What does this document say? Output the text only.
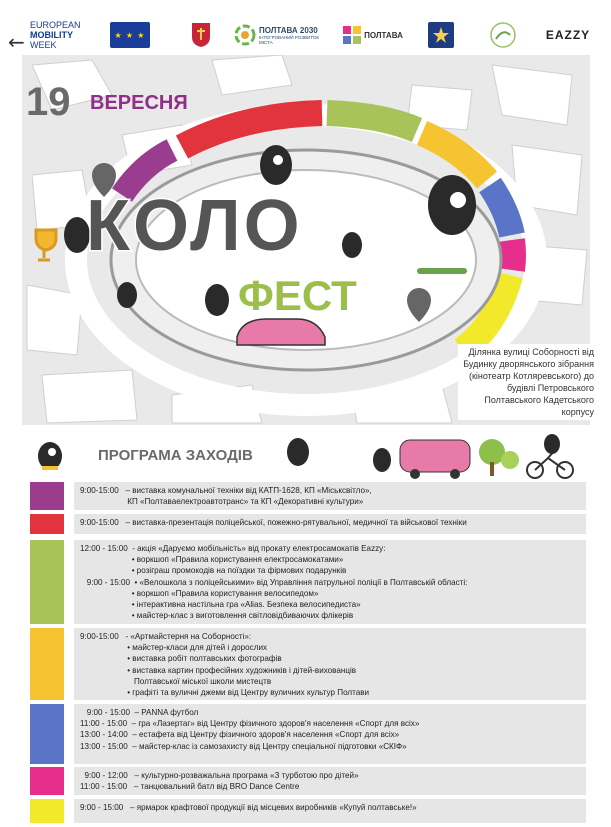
←
EUROPEAN
MOBILITY
WEEK
★ ★ ★
ПОЛТАВА 2030
ІНТЕГРОВАНИЙ РОЗВИТОК МІСТА
ПОЛТАВА	EAZZY
19 ВЕРЕСНЯ
КОЛО
ФЕСТ
Ділянка вулиці Соборності від Будинку дворянського зібрання (кінотеатр Котляревського) до будівлі Петровського Полтавського Кадетського корпусу
ПРОГРАМА ЗАХОДІВ
9:00-15:00   – виставка комунальної техніки від КАТП-1628, КП «Міськсвітло»,
КП «Полтаваелектроавтотранс» та КП «Декоративні культури»
9:00-15:00   – виставка-презентація поліцейської, пожежно-рятувальної, медичної та військової техніки
12:00 - 15:00  - акція «Даруємо мобільність» від прокату електросамокатів Eazzy:
• воркшоп «Правила користування електросамокатами»
• розіграш промокодів на поїздки та фірмових подарунків
9:00 - 15:00  • «Велошкола з поліцейськими» від Управління патрульної поліції в Полтавській області:
• воркшоп «Правила користування велосипедом»
• інтерактивна настільна гра «Alias. Безпека велосипедиста»
• майстер-клас з виготовлення світловідбиваючих флікерів
9:00-15:00   - «Артмайстерня на Соборності»:
• майстер-класи для дітей і дорослих
• виставка робіт полтавських фотографів
• виставка картин професійних художників і дітей-вихованців
Полтавської міської школи мистецтв
• графіті та вуличні джеми від Центру вуличних культур Полтави
9:00 - 15:00  – PANNA футбол
11:00 - 15:00  – гра «Лазертаг» від Центру фізичного здоров'я населення «Спорт для всіх»
13:00 - 14:00  – естафета від Центру фізичного здоров'я населення «Спорт для всіх»
13:00 - 15:00  – майстер-клас із самозахисту від Центру спеціальної підготовки «СКІФ»
9:00 - 12:00   – культурно-розважальна програма «З турботою про дітей»
11:00 - 15:00   – танцювальний батл від BRO Dance Centre
9:00 - 15:00   – ярмарок крафтової продукції від місцевих виробників «Купуй полтавське!»
